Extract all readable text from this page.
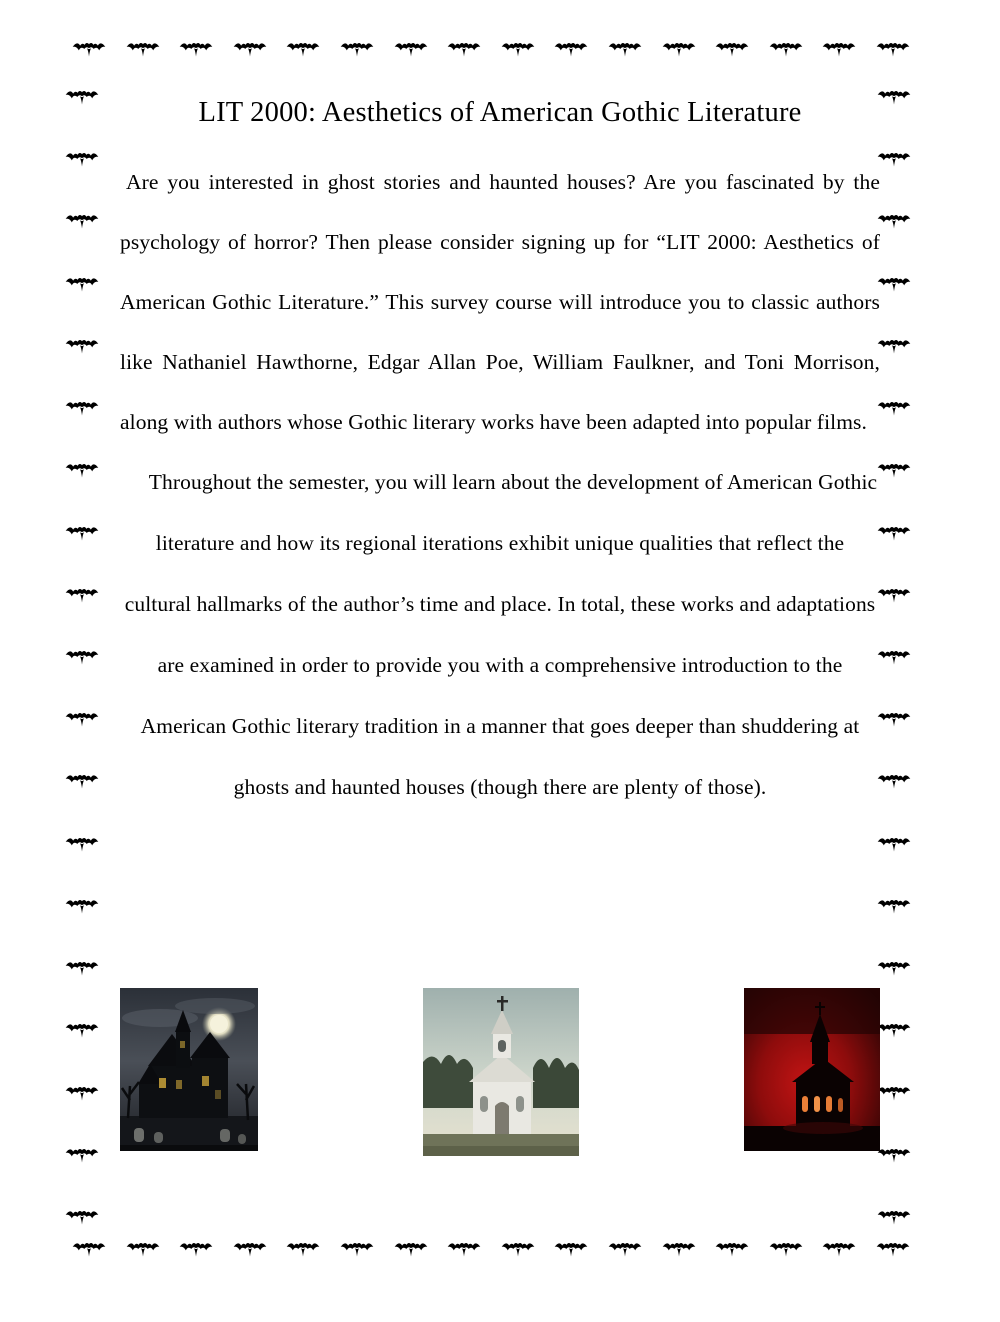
LIT 2000: Aesthetics of American Gothic Literature

Are you interested in ghost stories and haunted houses? Are you fascinated by the psychology of horror? Then please consider signing up for “LIT 2000: Aesthetics of American Gothic Literature.” This survey course will introduce you to classic authors like Nathaniel Hawthorne, Edgar Allan Poe, William Faulkner, and Toni Morrison, along with authors whose Gothic literary works have been adapted into popular films.

Throughout the semester, you will learn about the development of American Gothic literature and how its regional iterations exhibit unique qualities that reflect the cultural hallmarks of the author’s time and place. In total, these works and adaptations are examined in order to provide you with a comprehensive introduction to the American Gothic literary tradition in a manner that goes deeper than shuddering at ghosts and haunted houses (though there are plenty of those).
